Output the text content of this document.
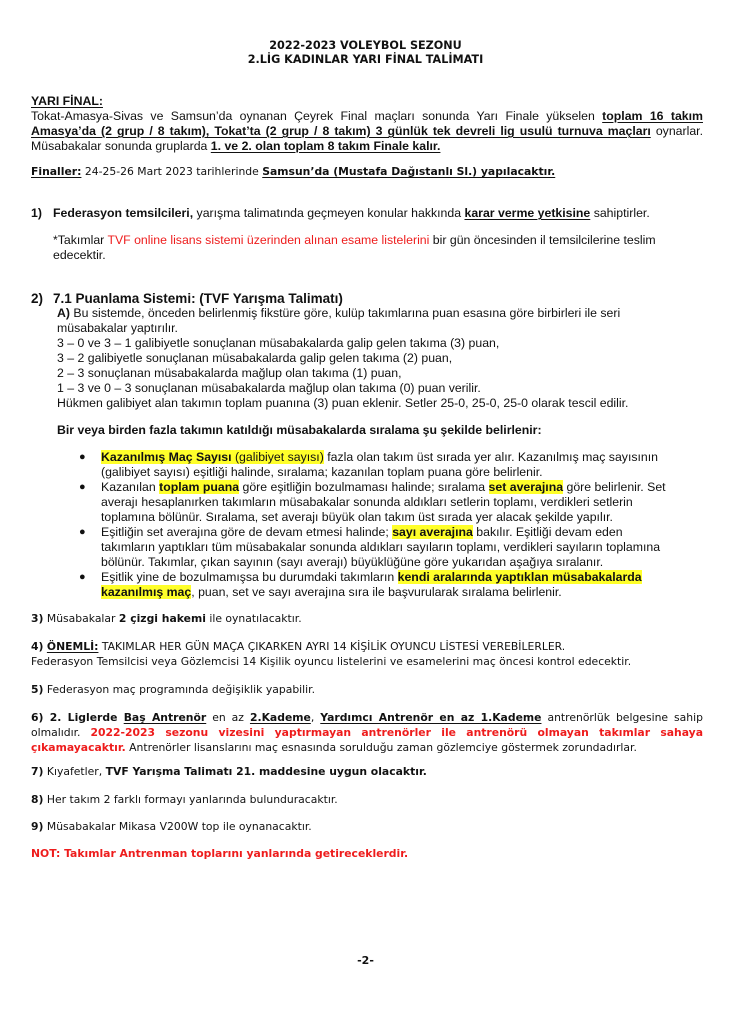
2022-2023 VOLEYBOL SEZONU
2.LİG KADINLAR YARI FİNAL TALİMATI
YARI FİNAL:
Tokat-Amasya-Sivas ve Samsun’da oynanan Çeyrek Final maçları sonunda Yarı Finale yükselen toplam 16 takım Amasya’da (2 grup / 8 takım), Tokat’ta (2 grup / 8 takım) 3 günlük tek devreli lig usulü turnuva maçları oynarlar. Müsabakalar sonunda gruplarda 1. ve 2. olan toplam 8 takım Finale kalır.
Finaller: 24-25-26 Mart 2023 tarihlerinde Samsun’da (Mustafa Dağıstanlı Sl.) yapılacaktır.
1) Federasyon temsilcileri, yarışma talimatında geçmeyen konular hakkında karar verme yetkisine sahiptirler.
*Takımlar TVF online lisans sistemi üzerinden alınan esame listelerini bir gün öncesinden il temsilcilerine teslim edecektir.
2) 7.1 Puanlama Sistemi: (TVF Yarışma Talimatı)
A) Bu sistemde, önceden belirlenmiş fikstüre göre, kulüp takımlarına puan esasına göre birbirleri ile seri müsabakalar yaptırılır.
3 – 0 ve 3 – 1 galibiyetle sonuçlanan müsabakalarda galip gelen takıma (3) puan,
3 – 2 galibiyetle sonuçlanan müsabakalarda galip gelen takıma (2) puan,
2 – 3 sonuçlanan müsabakalarda mağlup olan takıma (1) puan,
1 – 3 ve 0 – 3 sonuçlanan müsabakalarda mağlup olan takıma (0) puan verilir.
Hükmen galibiyet alan takımın toplam puanına (3) puan eklenir. Setler 25-0, 25-0, 25-0 olarak tescil edilir.
Bir veya birden fazla takımın katıldığı müsabakalarda sıralama şu şekilde belirlenir:
● Kazanılmış Maç Sayısı (galibiyet sayısı) fazla olan takım üst sırada yer alır. Kazanılmış maç sayısının (galibiyet sayısı) eşitliği halinde, sıralama; kazanılan toplam puana göre belirlenir.
● Kazanılan toplam puana göre eşitliğin bozulmaması halinde; sıralama set averajına göre belirlenir. Set averajı hesaplanırken takımların müsabakalar sonunda aldıkları setlerin toplamı, verdikleri setlerin toplamına bölünür. Sıralama, set averajı büyük olan takım üst sırada yer alacak şekilde yapılır.
● Eşitliğin set averajına göre de devam etmesi halinde; sayı averajına bakılır. Eşitliği devam eden takımların yaptıkları tüm müsabakalar sonunda aldıkları sayıların toplamı, verdikleri sayıların toplamına bölünür. Takımlar, çıkan sayının (sayı averajı) büyüklüğüne göre yukarıdan aşağıya sıralanır.
● Eşitlik yine de bozulmamışsa bu durumdaki takımların kendi aralarında yaptıklan müsabakalarda kazanılmış maç, puan, set ve sayı averajına sıra ile başvurularak sıralama belirlenir.
3) Müsabakalar 2 çizgi hakemi ile oynatılacaktır.
4) ÖNEMLİ: TAKIMLAR HER GÜN MAÇA ÇIKARKEN AYRI 14 KİŞİLİK OYUNCU LİSTESİ VEREBİLERLER.
Federasyon Temsilcisi veya Gözlemcisi 14 Kişilik oyuncu listelerini ve esamelerini maç öncesi kontrol edecektir.
5) Federasyon maç programında değişiklik yapabilir.
6) 2. Liglerde Baş Antrenör en az 2.Kademe, Yardımcı Antrenör en az 1.Kademe antrenörlük belgesine sahip olmalıdır. 2022-2023 sezonu vizesini yaptırmayan antrenörler ile antrenörü olmayan takımlar sahaya çıkamayacaktır. Antrenörler lisanslarını maç esnasında sorulduğu zaman gözlemciye göstermek zorundadırlar.
7) Kıyafetler, TVF Yarışma Talimatı 21. maddesine uygun olacaktır.
8) Her takım 2 farklı formayı yanlarında bulunduracaktır.
9) Müsabakalar Mikasa V200W top ile oynanacaktır.
NOT: Takımlar Antrenman toplarını yanlarında getireceklerdir.
-2-
